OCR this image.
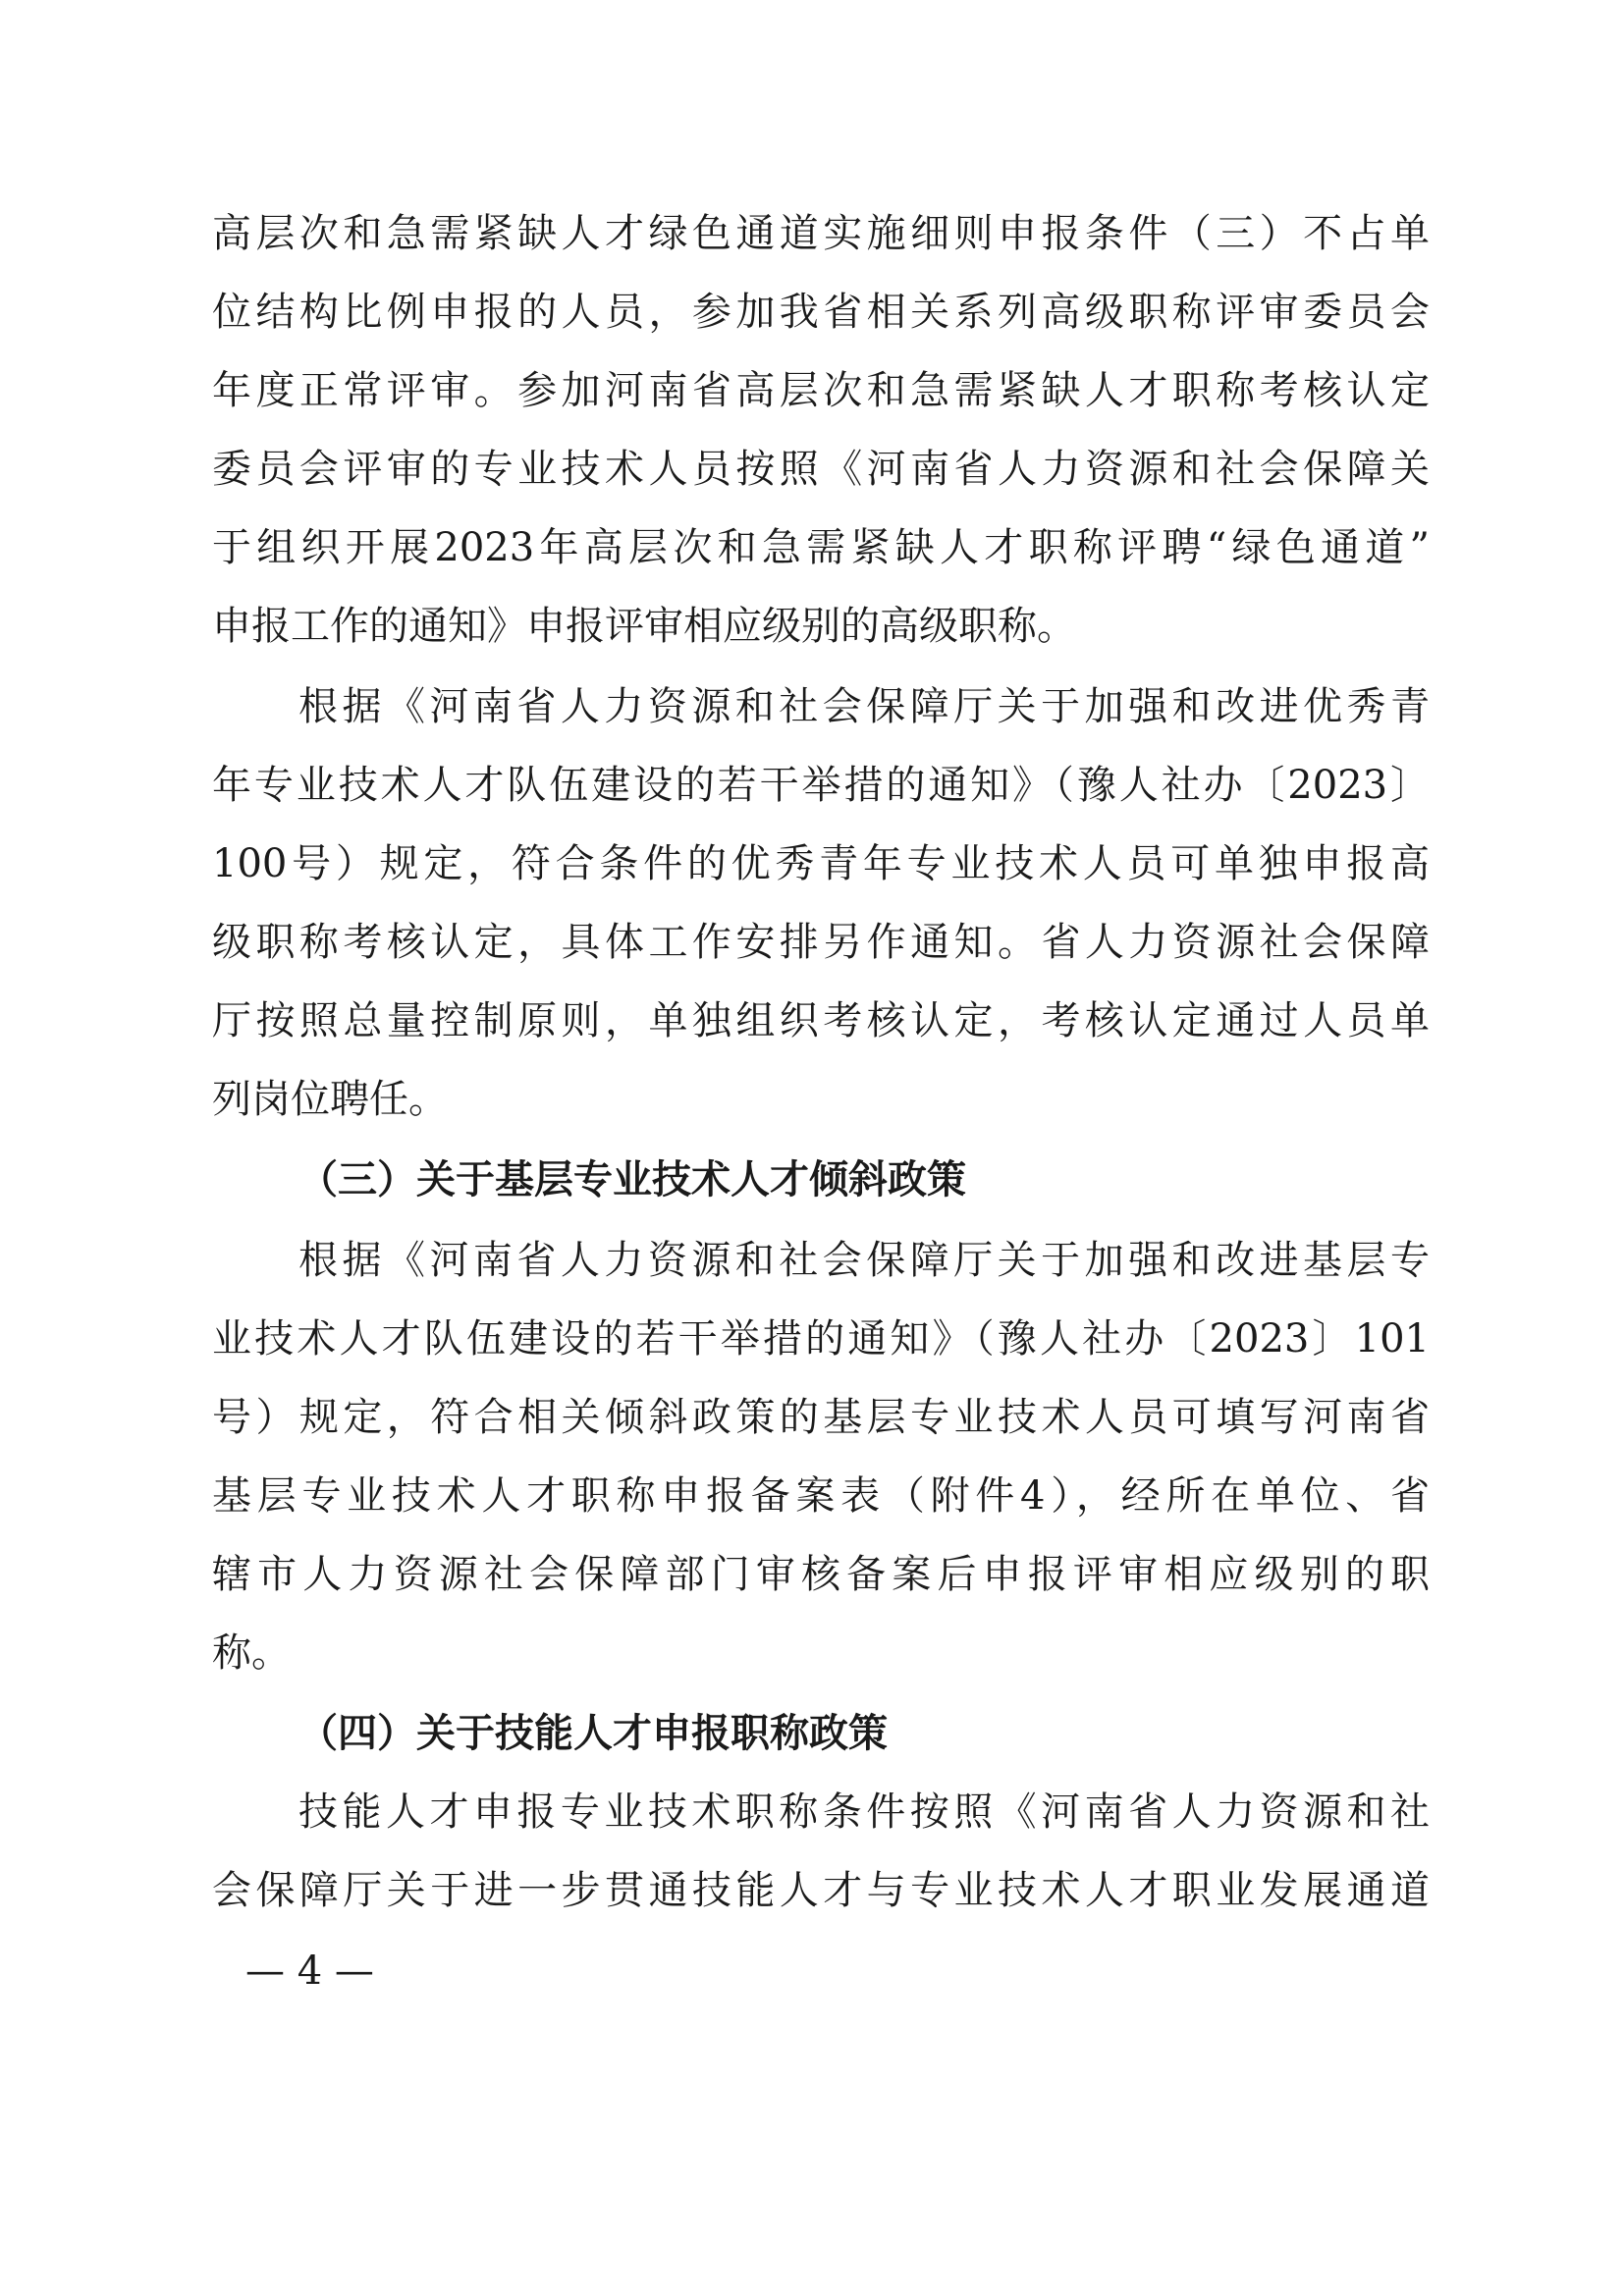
高层次和急需紧缺人才绿色通道实施细则申报条件（三）不占单
位结构比例申报的人员，参加我省相关系列高级职称评审委员会
年度正常评审。参加河南省高层次和急需紧缺人才职称考核认定
委员会评审的专业技术人员按照《河南省人力资源和社会保障关
于组织开展2023年高层次和急需紧缺人才职称评聘“绿色通道”
申报工作的通知》申报评审相应级别的高级职称。
根据《河南省人力资源和社会保障厅关于加强和改进优秀青
年专业技术人才队伍建设的若干举措的通知》（豫人社办〔2023〕
100号）规定，符合条件的优秀青年专业技术人员可单独申报高
级职称考核认定，具体工作安排另作通知。省人力资源社会保障
厅按照总量控制原则，单独组织考核认定，考核认定通过人员单
列岗位聘任。
（三）关于基层专业技术人才倾斜政策
根据《河南省人力资源和社会保障厅关于加强和改进基层专
业技术人才队伍建设的若干举措的通知》（豫人社办〔2023〕101
号）规定，符合相关倾斜政策的基层专业技术人员可填写河南省
基层专业技术人才职称申报备案表（附件4），经所在单位、省
辖市人力资源社会保障部门审核备案后申报评审相应级别的职
称。
（四）关于技能人才申报职称政策
技能人才申报专业技术职称条件按照《河南省人力资源和社
会保障厅关于进一步贯通技能人才与专业技术人才职业发展通道
— 4 —
